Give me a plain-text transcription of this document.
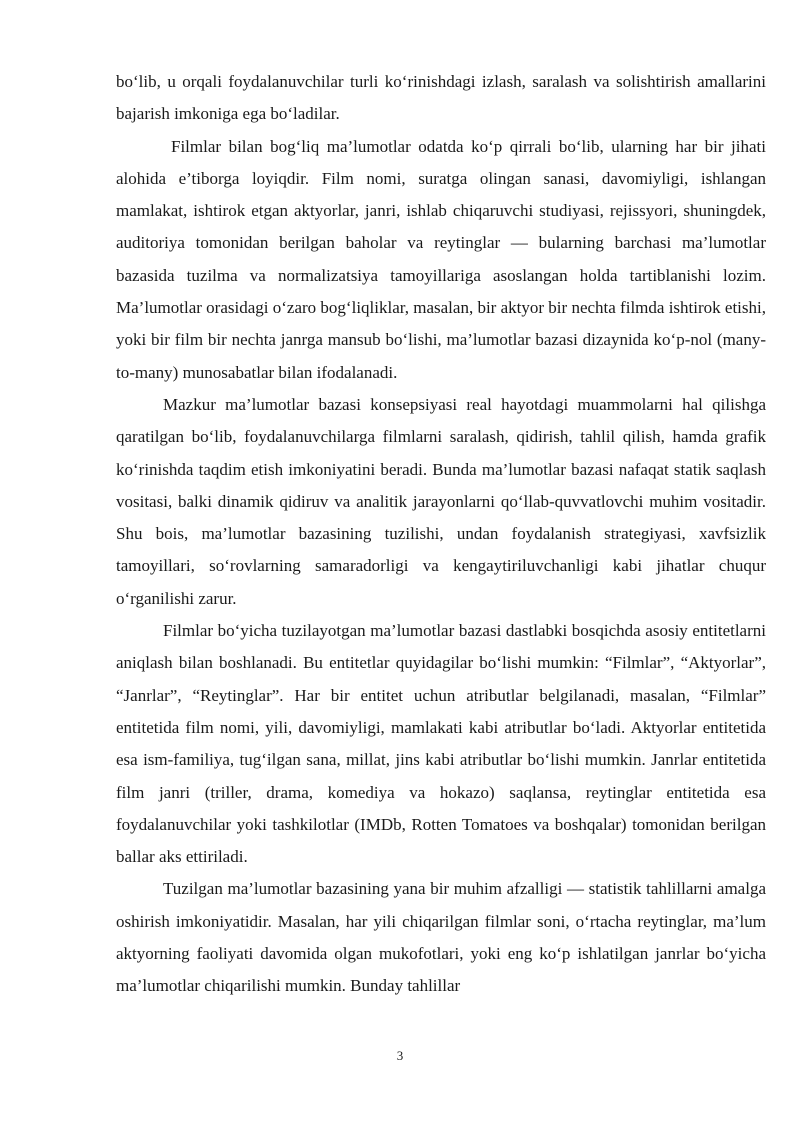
bo‘lib, u orqali foydalanuvchilar turli ko‘rinishdagi izlash, saralash va solishtirish amallarini bajarish imkoniga ega bo‘ladilar.

Filmlar bilan bog‘liq ma’lumotlar odatda ko‘p qirrali bo‘lib, ularning har bir jihati alohida e’tiborga loyiqdir. Film nomi, suratga olingan sanasi, davomiyligi, ishlangan mamlakat, ishtirok etgan aktyorlar, janri, ishlab chiqaruvchi studiyasi, rejissyori, shuningdek, auditoriya tomonidan berilgan baholar va reytinglar — bularning barchasi ma’lumotlar bazasida tuzilma va normalizatsiya tamoyillariga asoslangan holda tartiblanishi lozim. Ma’lumotlar orasidagi o‘zaro bog‘liqliklar, masalan, bir aktyor bir nechta filmda ishtirok etishi, yoki bir film bir nechta janrga mansub bo‘lishi, ma’lumotlar bazasi dizaynida ko‘p-nol (many-to-many) munosabatlar bilan ifodalanadi.

Mazkur ma’lumotlar bazasi konsepsiyasi real hayotdagi muammolarni hal qilishga qaratilgan bo‘lib, foydalanuvchilarga filmlarni saralash, qidirish, tahlil qilish, hamda grafik ko‘rinishda taqdim etish imkoniyatini beradi. Bunda ma’lumotlar bazasi nafaqat statik saqlash vositasi, balki dinamik qidiruv va analitik jarayonlarni qo‘llab-quvvatlovchi muhim vositadir. Shu bois, ma’lumotlar bazasining tuzilishi, undan foydalanish strategiyasi, xavfsizlik tamoyillari, so‘rovlarning samaradorligi va kengaytiriluvchanligi kabi jihatlar chuqur o‘rganilishi zarur.

Filmlar bo‘yicha tuzilayotgan ma’lumotlar bazasi dastlabki bosqichda asosiy entitetlarni aniqlash bilan boshlanadi. Bu entitetlar quyidagilar bo‘lishi mumkin: “Filmlar”, “Aktyorlar”, “Janrlar”, “Reytinglar”. Har bir entitet uchun atributlar belgilanadi, masalan, “Filmlar” entitetida film nomi, yili, davomiyligi, mamlakati kabi atributlar bo‘ladi. Aktyorlar entitetida esa ism-familiya, tug‘ilgan sana, millat, jins kabi atributlar bo‘lishi mumkin. Janrlar entitetida film janri (triller, drama, komediya va hokazo) saqlansa, reytinglar entitetida esa foydalanuvchilar yoki tashkilotlar (IMDb, Rotten Tomatoes va boshqalar) tomonidan berilgan ballar aks ettiriladi.

Tuzilgan ma’lumotlar bazasining yana bir muhim afzalligi — statistik tahlillarni amalga oshirish imkoniyatidir. Masalan, har yili chiqarilgan filmlar soni, o‘rtacha reytinglar, ma’lum aktyorning faoliyati davomida olgan mukofotlari, yoki eng ko‘p ishlatilgan janrlar bo‘yicha ma’lumotlar chiqarilishi mumkin. Bunday tahlillar

3
